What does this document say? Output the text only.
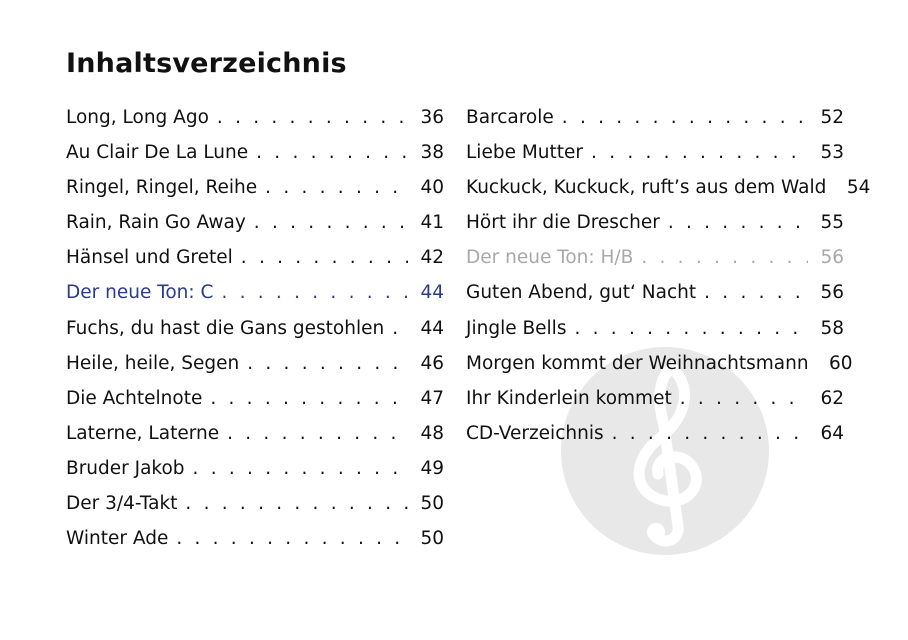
Inhaltsverzeichnis
Long, Long Ago . . .	36
Au Clair De La Lune . . .	38
Ringel, Ringel, Reihe . . .	40
Rain, Rain Go Away . . .	41
Hänsel und Gretel . . .	42
Der neue Ton: C . . .	44
Fuchs, du hast die Gans gestohlen . . .	44
Heile, heile, Segen . . .	46
Die Achtelnote . . .	47
Laterne, Laterne . . .	48
Bruder Jakob . . .	49
Der 3/4-Takt . . .	50
Winter Ade . . .	50
Barcarole . . .	52
Liebe Mutter . . .	53
Kuckuck, Kuckuck, ruft’s aus dem Wald	54
Hört ihr die Drescher . . .	55
Der neue Ton: H/B . . .	56
Guten Abend, gut‘ Nacht . . .	56
Jingle Bells . . .	58
Morgen kommt der Weihnachtsmann	60
Ihr Kinderlein kommet . . .	62
CD-Verzeichnis . . .	64
